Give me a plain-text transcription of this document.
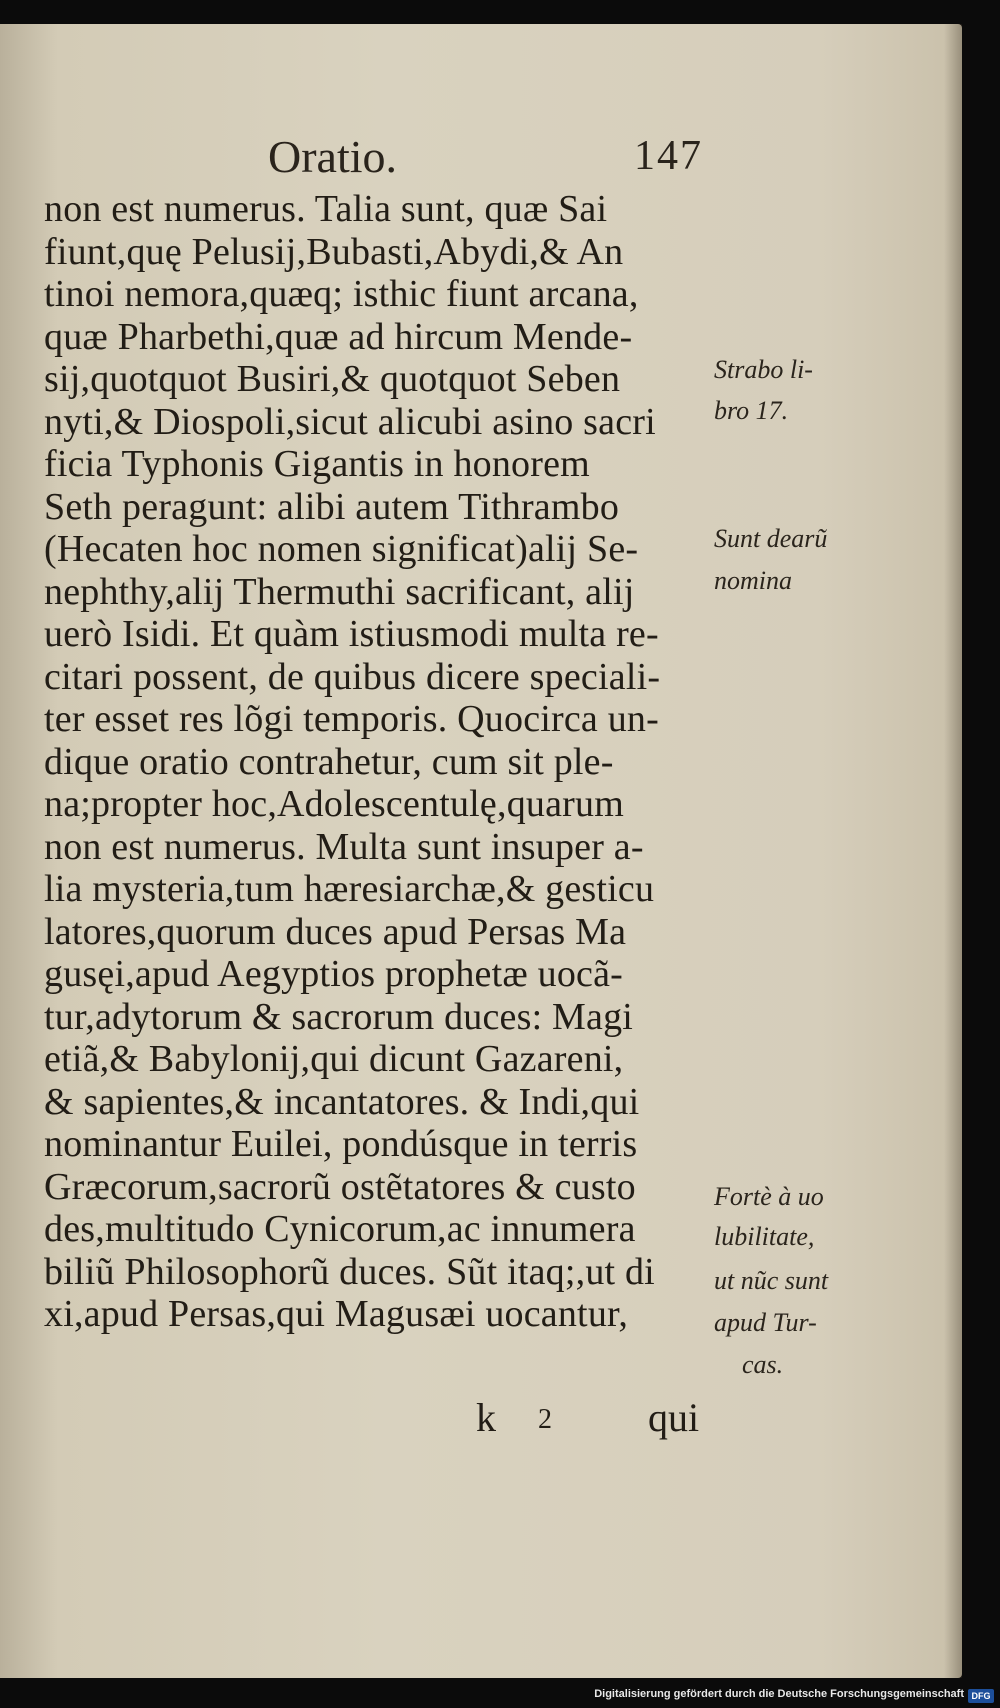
Oratio.	147
non est numerus. Talia sunt, quæ Sai
fiunt,quę Pelusij,Bubasti,Abydi,& An
tinoi nemora,quæq; isthic fiunt arcana,
quæ Pharbethi,quæ ad hircum Mende-
sij,quotquot Busiri,& quotquot Seben
nyti,& Diospoli,sicut alicubi asino sacri
ficia Typhonis Gigantis in honorem
Seth peragunt: alibi autem Tithrambo
(Hecaten hoc nomen significat)alij Se-
nephthy,alij Thermuthi sacrificant, alij
uerò Isidi. Et quàm istiusmodi multa re-
citari possent, de quibus dicere speciali-
ter esset res lõgi temporis. Quocirca un-
dique oratio contrahetur, cum sit ple-
na;propter hoc,Adolescentulę,quarum
non est numerus. Multa sunt insuper a-
lia mysteria,tum hæresiarchæ,& gesticu
latores,quorum duces apud Persas Ma
gusęi,apud Aegyptios prophetæ uocã-
tur,adytorum & sacrorum duces: Magi
etiã,& Babylonij,qui dicunt Gazareni,
& sapientes,& incantatores. & Indi,qui
nominantur Euilei, pondúsque in terris
Græcorum,sacrorũ ostẽtatores & custo
des,multitudo Cynicorum,ac innumera
biliũ Philosophorũ duces. Sũt itaq;,ut di
xi,apud Persas,qui Magusæi uocantur,
Strabo li-
bro 17.
Sunt dearũ
nomina
Fortè à uo
lubilitate,
ut nũc sunt
apud Tur-
cas.
k 2 qui
Digitalisierung gefördert durch die Deutsche Forschungsgemeinschaft DFG
